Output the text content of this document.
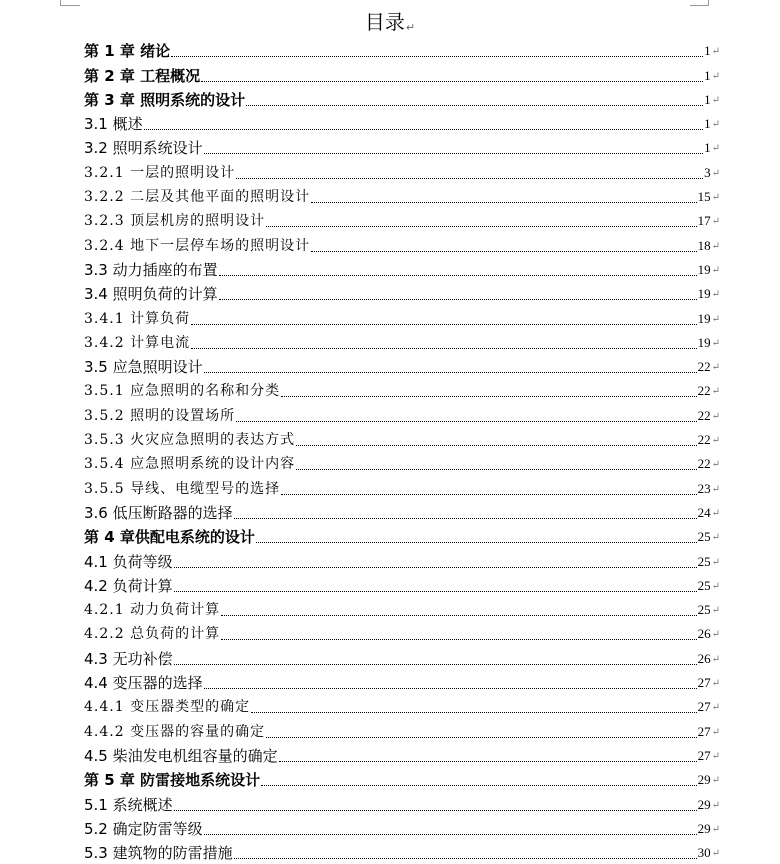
目录↵
第 1 章 绪论	1 ↵
第 2 章 工程概况	1 ↵
第 3 章 照明系统的设计	1 ↵
3.1 概述	1 ↵
3.2 照明系统设计	1 ↵
3.2.1 一层的照明设计	3 ↵
3.2.2 二层及其他平面的照明设计	15 ↵
3.2.3 顶层机房的照明设计	17 ↵
3.2.4 地下一层停车场的照明设计	18 ↵
3.3 动力插座的布置	19 ↵
3.4 照明负荷的计算	19 ↵
3.4.1 计算负荷	19 ↵
3.4.2 计算电流	19 ↵
3.5 应急照明设计	22 ↵
3.5.1 应急照明的名称和分类	22 ↵
3.5.2 照明的设置场所	22 ↵
3.5.3 火灾应急照明的表达方式	22 ↵
3.5.4 应急照明系统的设计内容	22 ↵
3.5.5 导线、电缆型号的选择	23 ↵
3.6 低压断路器的选择	24 ↵
第 4 章供配电系统的设计	25 ↵
4.1 负荷等级	25 ↵
4.2 负荷计算	25 ↵
4.2.1 动力负荷计算	25 ↵
4.2.2 总负荷的计算	26 ↵
4.3 无功补偿	26 ↵
4.4 变压器的选择	27 ↵
4.4.1 变压器类型的确定	27 ↵
4.4.2 变压器的容量的确定	27 ↵
4.5 柴油发电机组容量的确定	27 ↵
第 5 章 防雷接地系统设计	29 ↵
5.1 系统概述	29 ↵
5.2 确定防雷等级	29 ↵
5.3 建筑物的防雷措施	30 ↵
